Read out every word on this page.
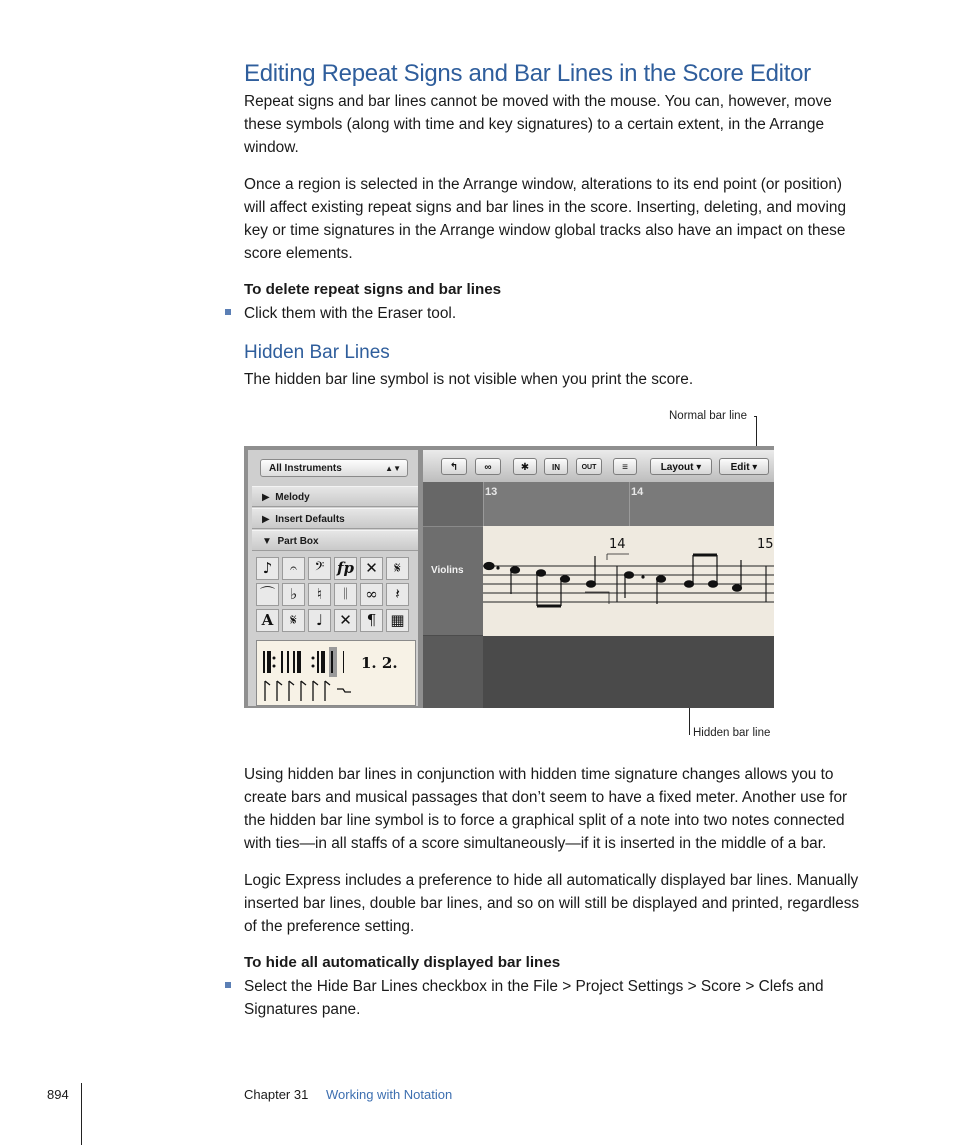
Editing Repeat Signs and Bar Lines in the Score Editor
Repeat signs and bar lines cannot be moved with the mouse. You can, however, move
these symbols (along with time and key signatures) to a certain extent, in the Arrange
window.
Once a region is selected in the Arrange window, alterations to its end point (or position)
will affect existing repeat signs and bar lines in the score. Inserting, deleting, and moving
key or time signatures in the Arrange window global tracks also have an impact on these
score elements.
To delete repeat signs and bar lines
Click them with the Eraser tool.
Hidden Bar Lines
The hidden bar line symbol is not visible when you print the score.
Normal bar line
Hidden bar line
All Instruments	▲▼
▶  Melody
▶  Insert Defaults
▼  Part Box
♪	𝄐	𝄢 fp ✕	𝄋
⌒ ♭	♮	𝄁	∞	𝄽
A	𝄋	♩	✕ ¶ ▦
1. 2.
↰	∞	✱	IN	OUT	≡	Layout ▾	Edit ▾
13	14
Violins
14	15
Using hidden bar lines in conjunction with hidden time signature changes allows you to
create bars and musical passages that don’t seem to have a fixed meter. Another use for
the hidden bar line symbol is to force a graphical split of a note into two notes connected
with ties—in all staffs of a score simultaneously—if it is inserted in the middle of a bar.
Logic Express includes a preference to hide all automatically displayed bar lines. Manually
inserted bar lines, double bar lines, and so on will still be displayed and printed, regardless
of the preference setting.
To hide all automatically displayed bar lines
Select the Hide Bar Lines checkbox in the File > Project Settings > Score > Clefs and
Signatures pane.
894	Chapter 31 Working with Notation
